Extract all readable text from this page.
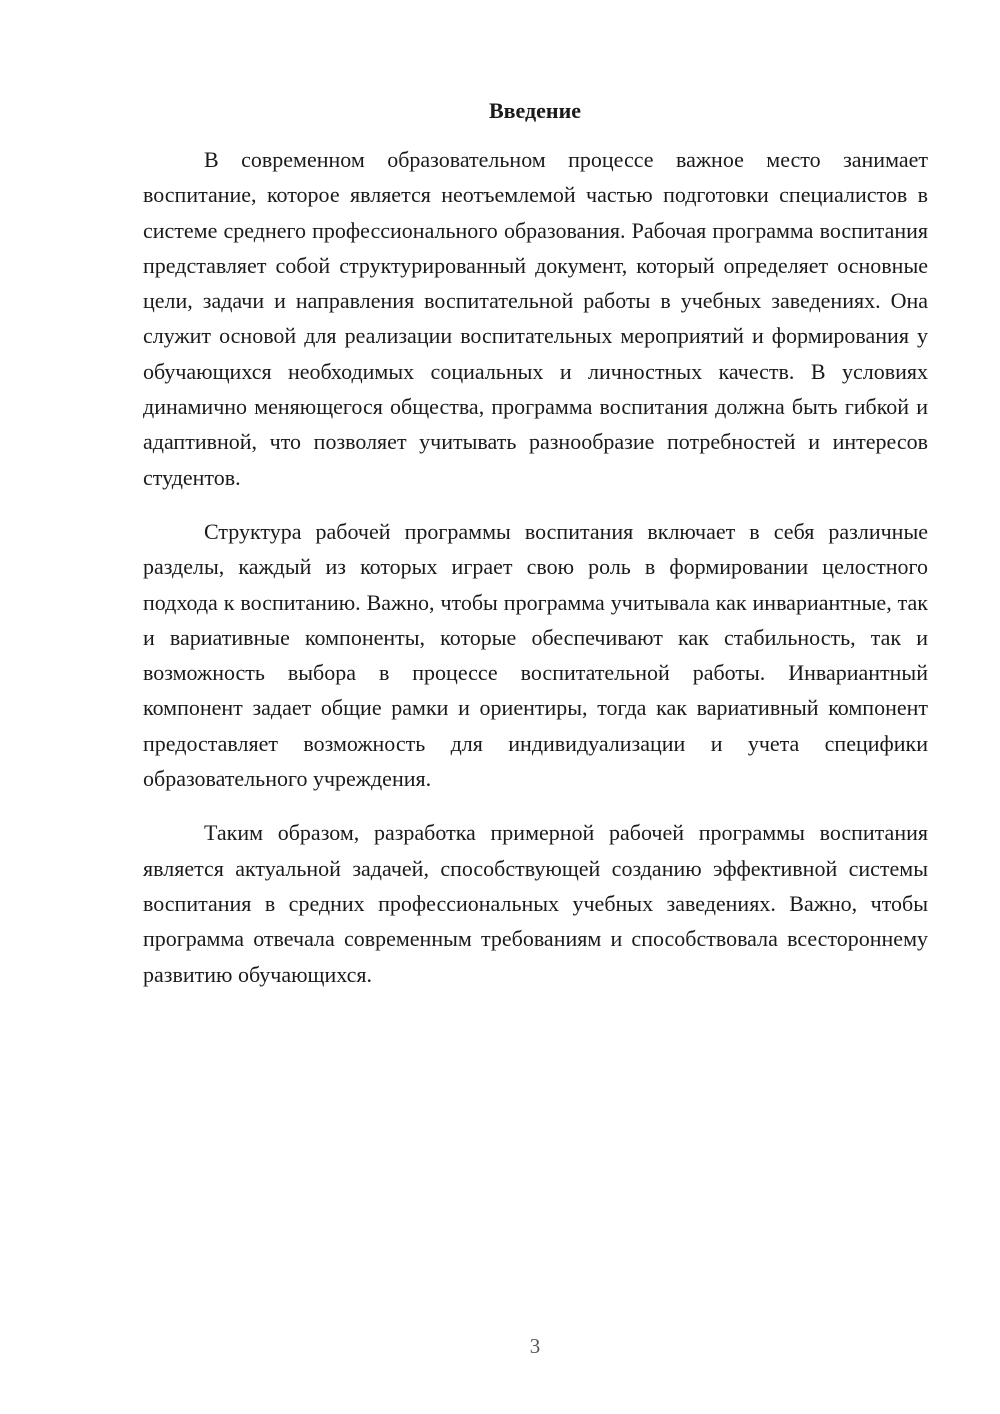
Введение

В современном образовательном процессе важное место занимает воспитание, которое является неотъемлемой частью подготовки специалистов в системе среднего профессионального образования. Рабочая программа воспитания представляет собой структурированный документ, который определяет основные цели, задачи и направления воспитательной работы в учебных заведениях. Она служит основой для реализации воспитательных мероприятий и формирования у обучающихся необходимых социальных и личностных качеств. В условиях динамично меняющегося общества, программа воспитания должна быть гибкой и адаптивной, что позволяет учитывать разнообразие потребностей и интересов студентов.

Структура рабочей программы воспитания включает в себя различные разделы, каждый из которых играет свою роль в формировании целостного подхода к воспитанию. Важно, чтобы программа учитывала как инвариантные, так и вариативные компоненты, которые обеспечивают как стабильность, так и возможность выбора в процессе воспитательной работы. Инвариантный компонент задает общие рамки и ориентиры, тогда как вариативный компонент предоставляет возможность для индивидуализации и учета специфики образовательного учреждения.

Таким образом, разработка примерной рабочей программы воспитания является актуальной задачей, способствующей созданию эффективной системы воспитания в средних профессиональных учебных заведениях. Важно, чтобы программа отвечала современным требованиям и способствовала всестороннему развитию обучающихся.

3
